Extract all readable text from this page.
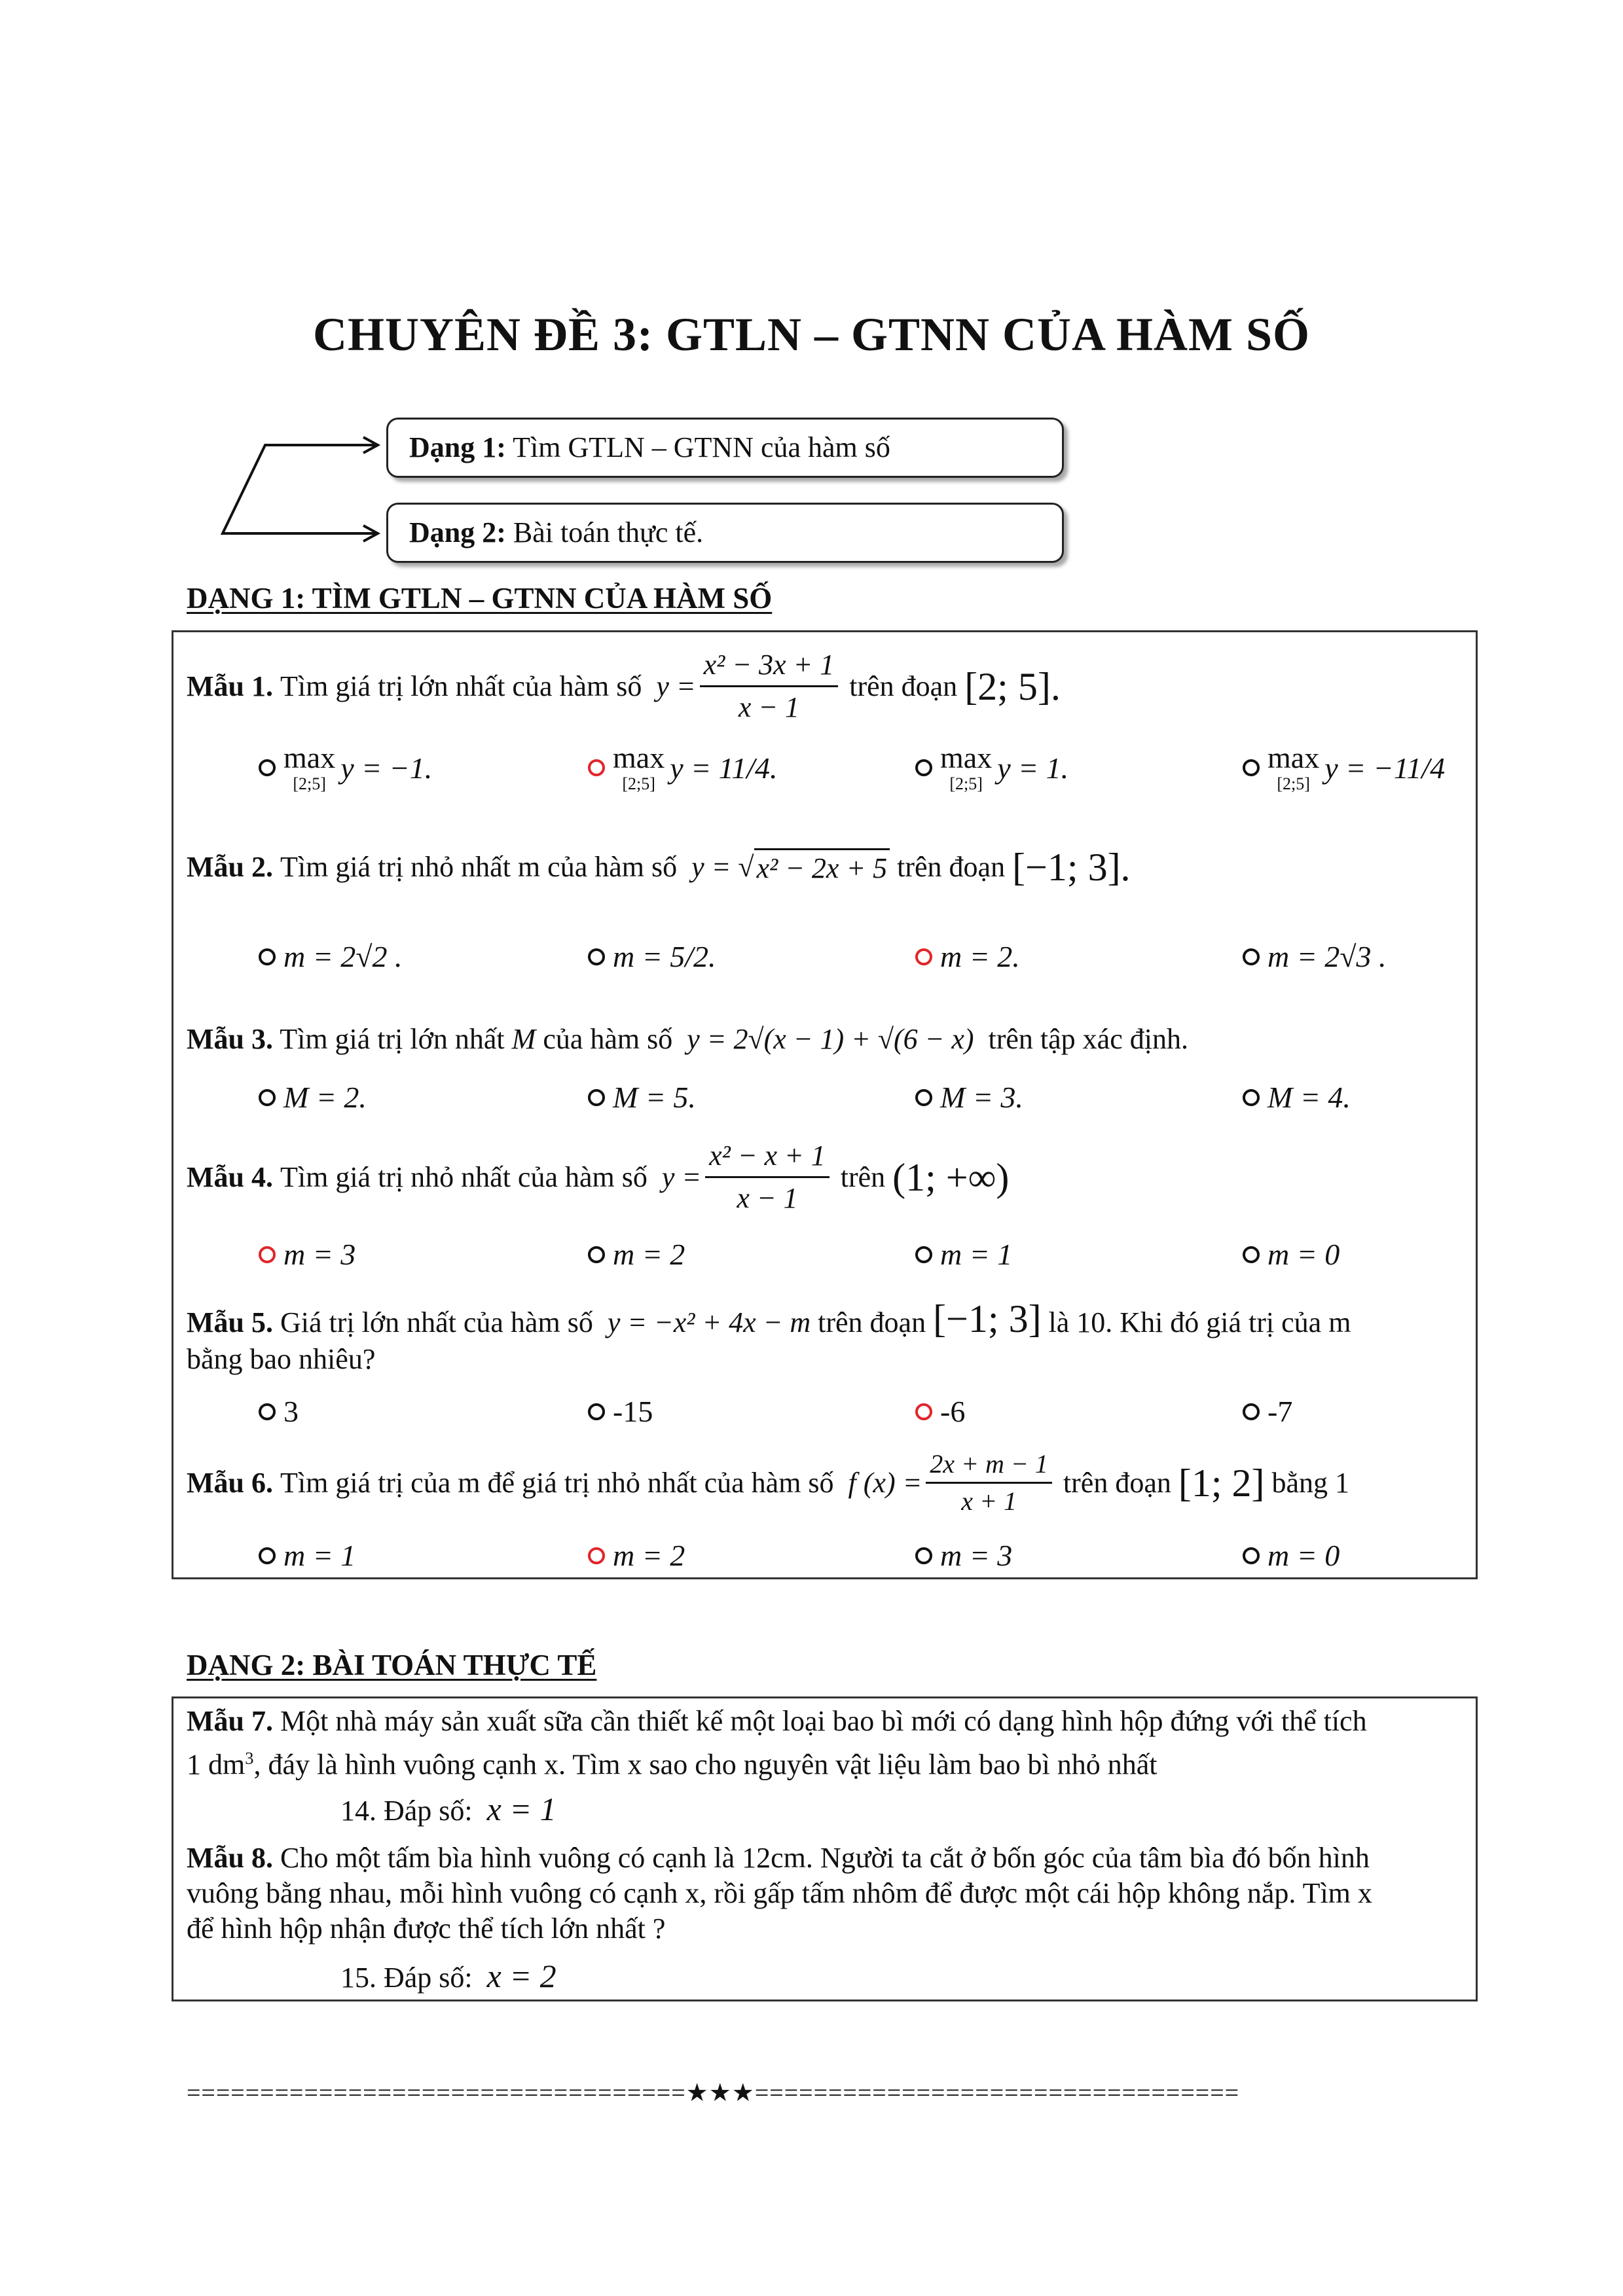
CHUYÊN ĐỀ 3: GTLN – GTNN CỦA HÀM SỐ
Dạng 1: Tìm GTLN – GTNN của hàm số
Dạng 2: Bài toán thực tế.
DẠNG 1: TÌM GTLN – GTNN CỦA HÀM SỐ
Mẫu 1.
Tìm giá trị lớn nhất của hàm số
$y = \frac{\text{x² − 3x + 1}}{x - 1}$
trên đoạn
[2; 5].
max
[2;5] y = −1.	max
[2;5] y = 11/4.	max
[2;5] y = 1.	max
[2;5] y = −11/4
Mẫu 2.
Tìm giá trị nhỏ nhất m của hàm số
y = √ x² − 2x + 5
trên đoạn
[−1; 3].
m = 2√2 .	m = 5/2.	m = 2.	m = 2√3 .
Mẫu 3. Tìm giá trị lớn nhất M của hàm số y = 2√(x − 1) + √(6 − x) trên tập xác định.
M = 2.	M = 5.	M = 3.	M = 4.
Mẫu 4.
Tìm giá trị nhỏ nhất của hàm số
$y = \frac{\text{x² − x + 1}}{x - 1}$
trên
(1; +∞)
m = 3	m = 2	m = 1	m = 0
Mẫu 5. Giá trị lớn nhất của hàm số y = −x² + 4x − m trên đoạn [−1; 3] là 10. Khi đó giá trị của m
bằng bao nhiêu?
3	-15	-6	-7
Mẫu 6.
Tìm giá trị của m để giá trị nhỏ nhất của hàm số
f $(x) = \frac{2x + m - 1}{x + 1}$
trên đoạn
[1; 2]
bằng 1
m = 1	m = 2	m = 3	m = 0
DẠNG 2: BÀI TOÁN THỰC TẾ
Mẫu 7. Một nhà máy sản xuất sữa cần thiết kế một loại bao bì mới có dạng hình hộp đứng với thể tích
1 $dm^3$, đáy là hình vuông cạnh x. Tìm x sao cho nguyên vật liệu làm bao bì nhỏ nhất
14. Đáp số: x = 1
Mẫu 8. Cho một tấm bìa hình vuông có cạnh là 12cm. Người ta cắt ở bốn góc của tâm bìa đó bốn hình
vuông bằng nhau, mỗi hình vuông có cạnh x, rồi gấp tấm nhôm để được một cái hộp không nắp. Tìm x
để hình hộp nhận được thể tích lớn nhất ?
15. Đáp số: x = 2
==================================★★★=================================
